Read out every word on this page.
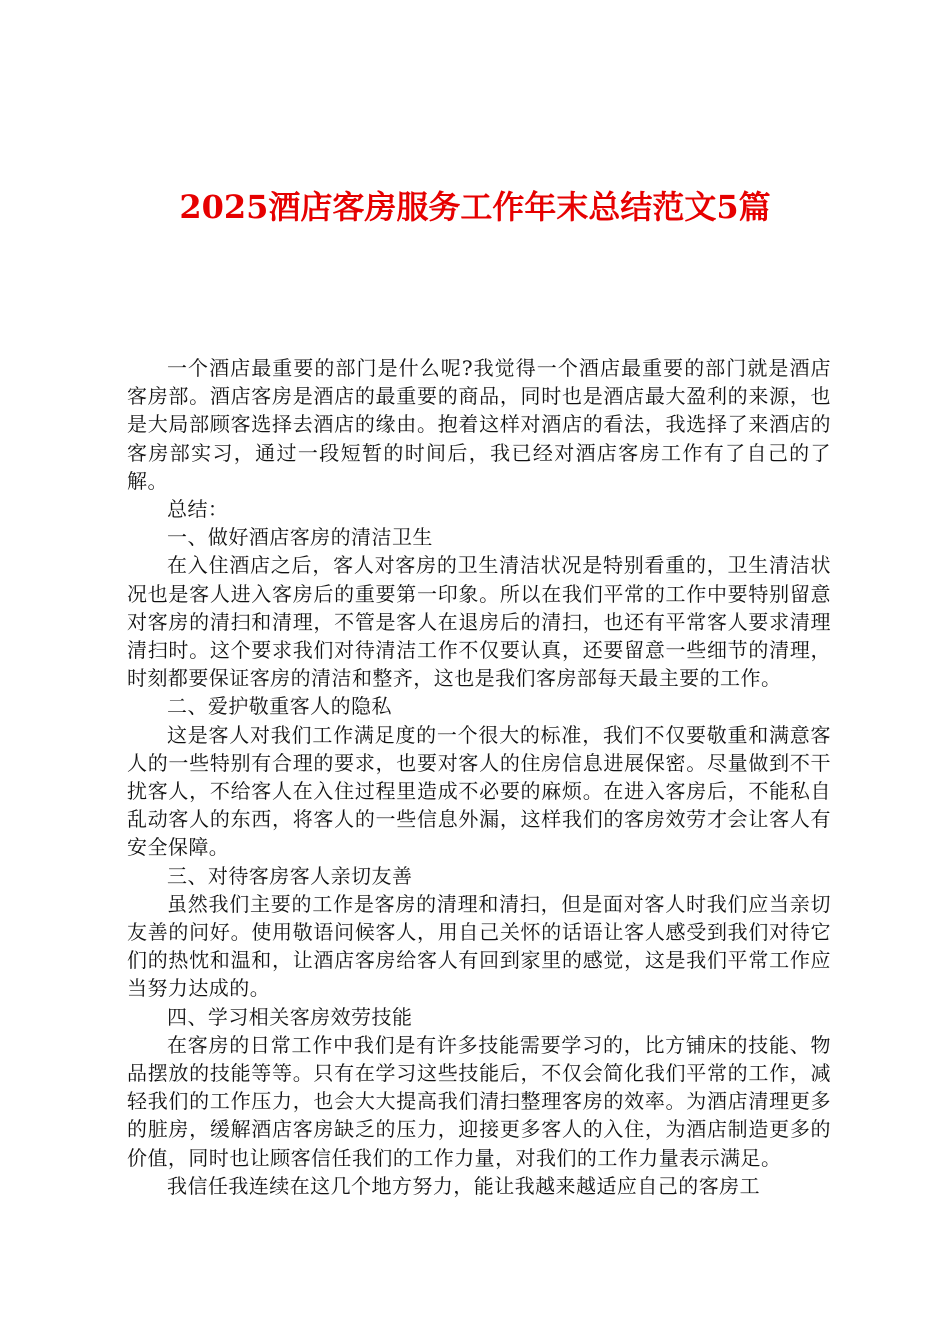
2025酒店客房服务工作年末总结范文5篇

一个酒店最重要的部门是什么呢?我觉得一个酒店最重要的部门就是酒店客房部。酒店客房是酒店的最重要的商品，同时也是酒店最大盈利的来源，也是大局部顾客选择去酒店的缘由。抱着这样对酒店的看法，我选择了来酒店的客房部实习，通过一段短暂的时间后，我已经对酒店客房工作有了自己的了解。

总结：

一、做好酒店客房的清洁卫生

在入住酒店之后，客人对客房的卫生清洁状况是特别看重的，卫生清洁状况也是客人进入客房后的重要第一印象。所以在我们平常的工作中要特别留意对客房的清扫和清理，不管是客人在退房后的清扫，也还有平常客人要求清理清扫时。这个要求我们对待清洁工作不仅要认真，还要留意一些细节的清理，时刻都要保证客房的清洁和整齐，这也是我们客房部每天最主要的工作。

二、爱护敬重客人的隐私

这是客人对我们工作满足度的一个很大的标准，我们不仅要敬重和满意客人的一些特别有合理的要求，也要对客人的住房信息进展保密。尽量做到不干扰客人，不给客人在入住过程里造成不必要的麻烦。在进入客房后，不能私自乱动客人的东西，将客人的一些信息外漏，这样我们的客房效劳才会让客人有安全保障。

三、对待客房客人亲切友善

虽然我们主要的工作是客房的清理和清扫，但是面对客人时我们应当亲切友善的问好。使用敬语问候客人，用自己关怀的话语让客人感受到我们对待它们的热忱和温和，让酒店客房给客人有回到家里的感觉，这是我们平常工作应当努力达成的。

四、学习相关客房效劳技能

在客房的日常工作中我们是有许多技能需要学习的，比方铺床的技能、物品摆放的技能等等。只有在学习这些技能后，不仅会简化我们平常的工作，减轻我们的工作压力，也会大大提高我们清扫整理客房的效率。为酒店清理更多的脏房，缓解酒店客房缺乏的压力，迎接更多客人的入住，为酒店制造更多的价值，同时也让顾客信任我们的工作力量，对我们的工作力量表示满足。

我信任我连续在这几个地方努力，能让我越来越适应自己的客房工
